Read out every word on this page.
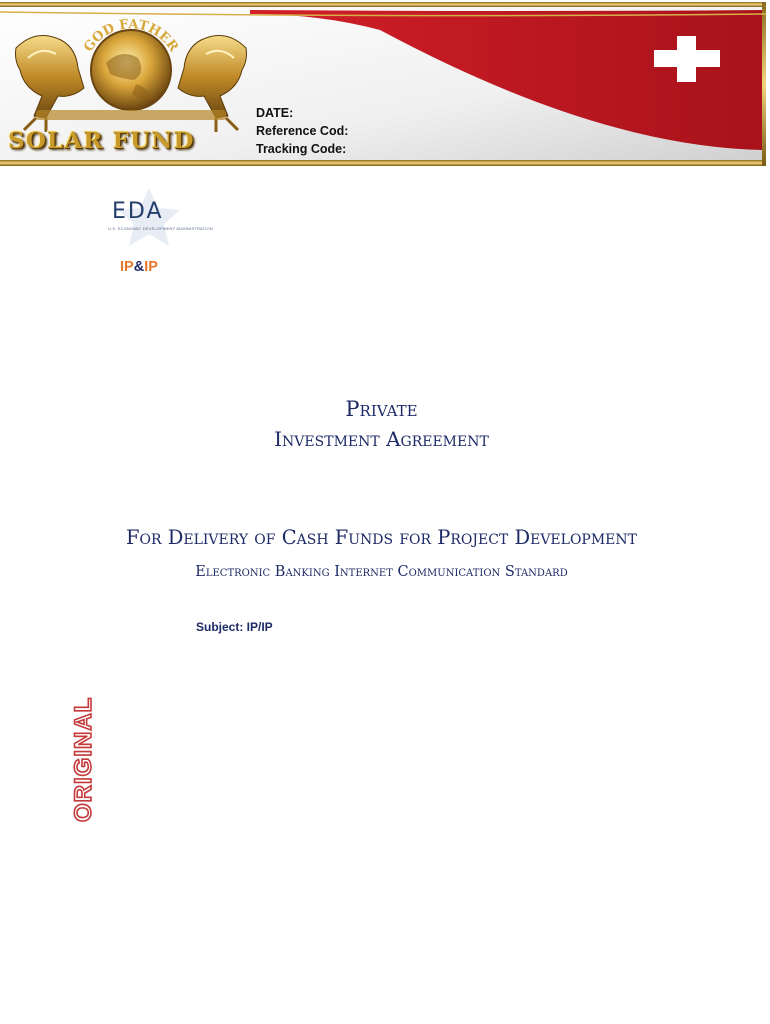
GOD FATHER
SOLAR FUND
DATE:
Reference Cod:
Tracking Code:
EDA
U.S. ECONOMIC DEVELOPMENT ADMINISTRATION
IP&IP
Private
Investment Agreement
For Delivery of Cash Funds for Project Development
Electronic Banking Internet Communication Standard
Subject: IP/IP
ORIGINAL
